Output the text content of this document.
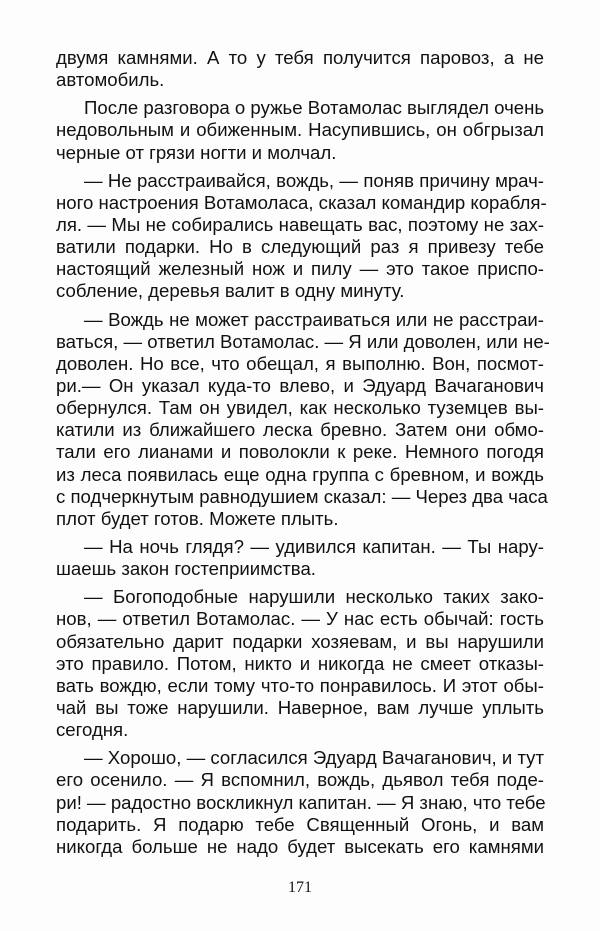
двумя камнями. А то у тебя получится паровоз, а не
автомобиль.
После разговора о ружье Вотамолас выглядел очень
недовольным и обиженным. Насупившись, он обгрызал
черные от грязи ногти и молчал.
— Не расстраивайся, вождь, — поняв причину мрач-
ного настроения Вотамоласа, сказал командир корабля-
ля. — Мы не собирались навещать вас, поэтому не зах-
ватили подарки. Но в следующий раз я привезу тебе
настоящий железный нож и пилу — это такое приспо-
собление, деревья валит в одну минуту.
— Вождь не может расстраиваться или не расстраи-
ваться, — ответил Вотамолас. — Я или доволен, или не-
доволен. Но все, что обещал, я выполню. Вон, посмот-
ри.— Он указал куда-то влево, и Эдуард Вачаганович
обернулся. Там он увидел, как несколько туземцев вы-
катили из ближайшего леска бревно. Затем они обмо-
тали его лианами и поволокли к реке. Немного погодя
из леса появилась еще одна группа с бревном, и вождь
с подчеркнутым равнодушием сказал: — Через два часа
плот будет готов. Можете плыть.
— На ночь глядя? — удивился капитан. — Ты нару-
шаешь закон гостеприимства.
— Богоподобные нарушили несколько таких зако-
нов, — ответил Вотамолас. — У нас есть обычай: гость
обязательно дарит подарки хозяевам, и вы нарушили
это правило. Потом, никто и никогда не смеет отказы-
вать вождю, если тому что-то понравилось. И этот обы-
чай вы тоже нарушили. Наверное, вам лучше уплыть
сегодня.
— Хорошо, — согласился Эдуард Вачаганович, и тут
его осенило. — Я вспомнил, вождь, дьявол тебя поде-
ри! — радостно воскликнул капитан. — Я знаю, что тебе
подарить. Я подарю тебе Священный Огонь, и вам
никогда больше не надо будет высекать его камнями
171
